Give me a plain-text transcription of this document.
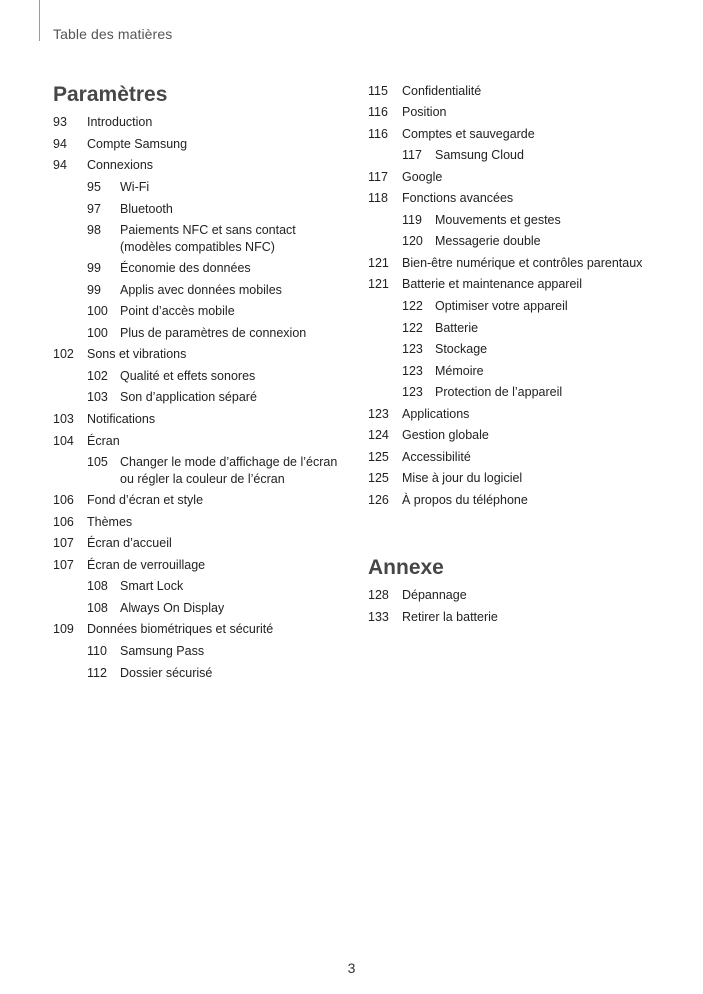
Table des matières
Paramètres
93 Introduction
94 Compte Samsung
94 Connexions
95 Wi-Fi
97 Bluetooth
98 Paiements NFC et sans contact
(modèles compatibles NFC)
99 Économie des données
99 Applis avec données mobiles
100 Point d’accès mobile
100 Plus de paramètres de connexion
102 Sons et vibrations
102 Qualité et effets sonores
103 Son d’application séparé
103 Notifications
104 Écran
105 Changer le mode d’affichage de l’écran
ou régler la couleur de l’écran
106 Fond d’écran et style
106 Thèmes
107 Écran d’accueil
107 Écran de verrouillage
108 Smart Lock
108 Always On Display
109 Données biométriques et sécurité
110 Samsung Pass
112 Dossier sécurisé
115 Confidentialité
116 Position
116 Comptes et sauvegarde
117 Samsung Cloud
117 Google
118 Fonctions avancées
119 Mouvements et gestes
120 Messagerie double
121 Bien-être numérique et contrôles parentaux
121 Batterie et maintenance appareil
122 Optimiser votre appareil
122 Batterie
123 Stockage
123 Mémoire
123 Protection de l’appareil
123 Applications
124 Gestion globale
125 Accessibilité
125 Mise à jour du logiciel
126 À propos du téléphone
Annexe
128 Dépannage
133 Retirer la batterie
3
